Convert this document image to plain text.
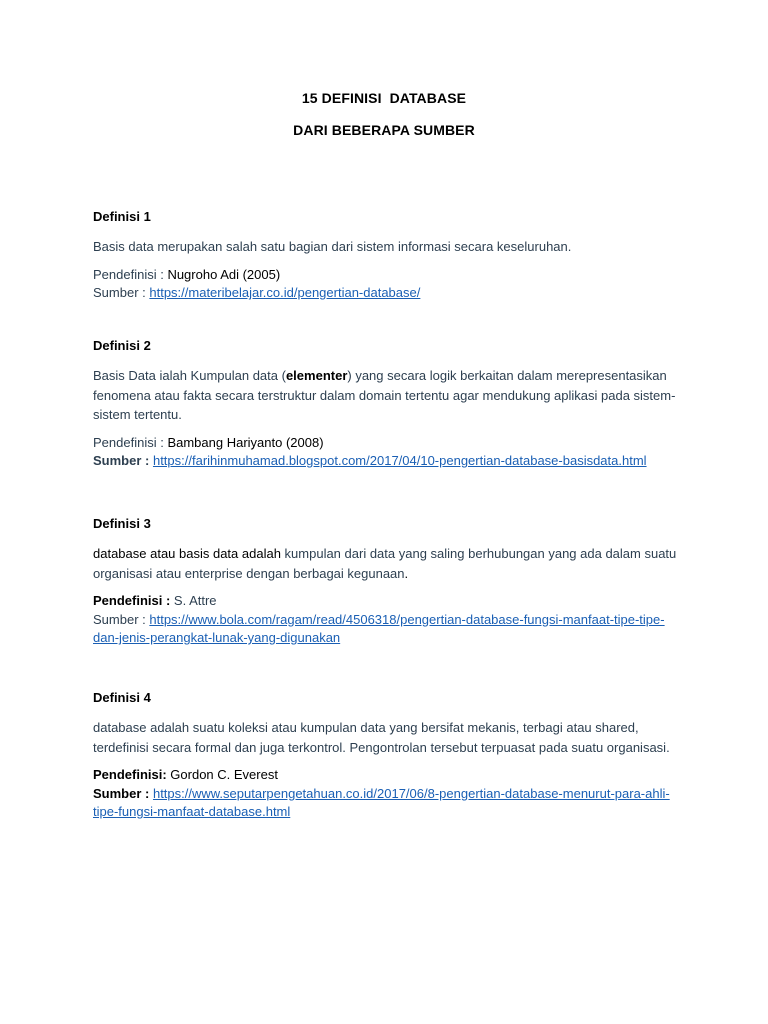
15 DEFINISI  DATABASE
DARI BEBERAPA SUMBER

Definisi 1

Basis data merupakan salah satu bagian dari sistem informasi secara keseluruhan.

Pendefinisi : Nugroho Adi (2005)

Sumber : https://materibelajar.co.id/pengertian-database/

Definisi 2

Basis Data ialah Kumpulan data (elementer) yang secara logik berkaitan dalam merepresentasikan fenomena atau fakta secara terstruktur dalam domain tertentu agar mendukung aplikasi pada sistem-sistem tertentu.

Pendefinisi : Bambang Hariyanto (2008)

Sumber : https://farihinmuhamad.blogspot.com/2017/04/10-pengertian-database-basisdata.html

Definisi 3

database atau basis data adalah kumpulan dari data yang saling berhubungan yang ada dalam suatu organisasi atau enterprise dengan berbagai kegunaan.

Pendefinisi : S. Attre

Sumber : https://www.bola.com/ragam/read/4506318/pengertian-database-fungsi-manfaat-tipe-tipe-dan-jenis-perangkat-lunak-yang-digunakan

Definisi 4

database adalah suatu koleksi atau kumpulan data yang bersifat mekanis, terbagi atau shared, terdefinisi secara formal dan juga terkontrol. Pengontrolan tersebut terpuasat pada suatu organisasi.

Pendefinisi: Gordon C. Everest

Sumber : https://www.seputarpengetahuan.co.id/2017/06/8-pengertian-database-menurut-para-ahli-tipe-fungsi-manfaat-database.html
